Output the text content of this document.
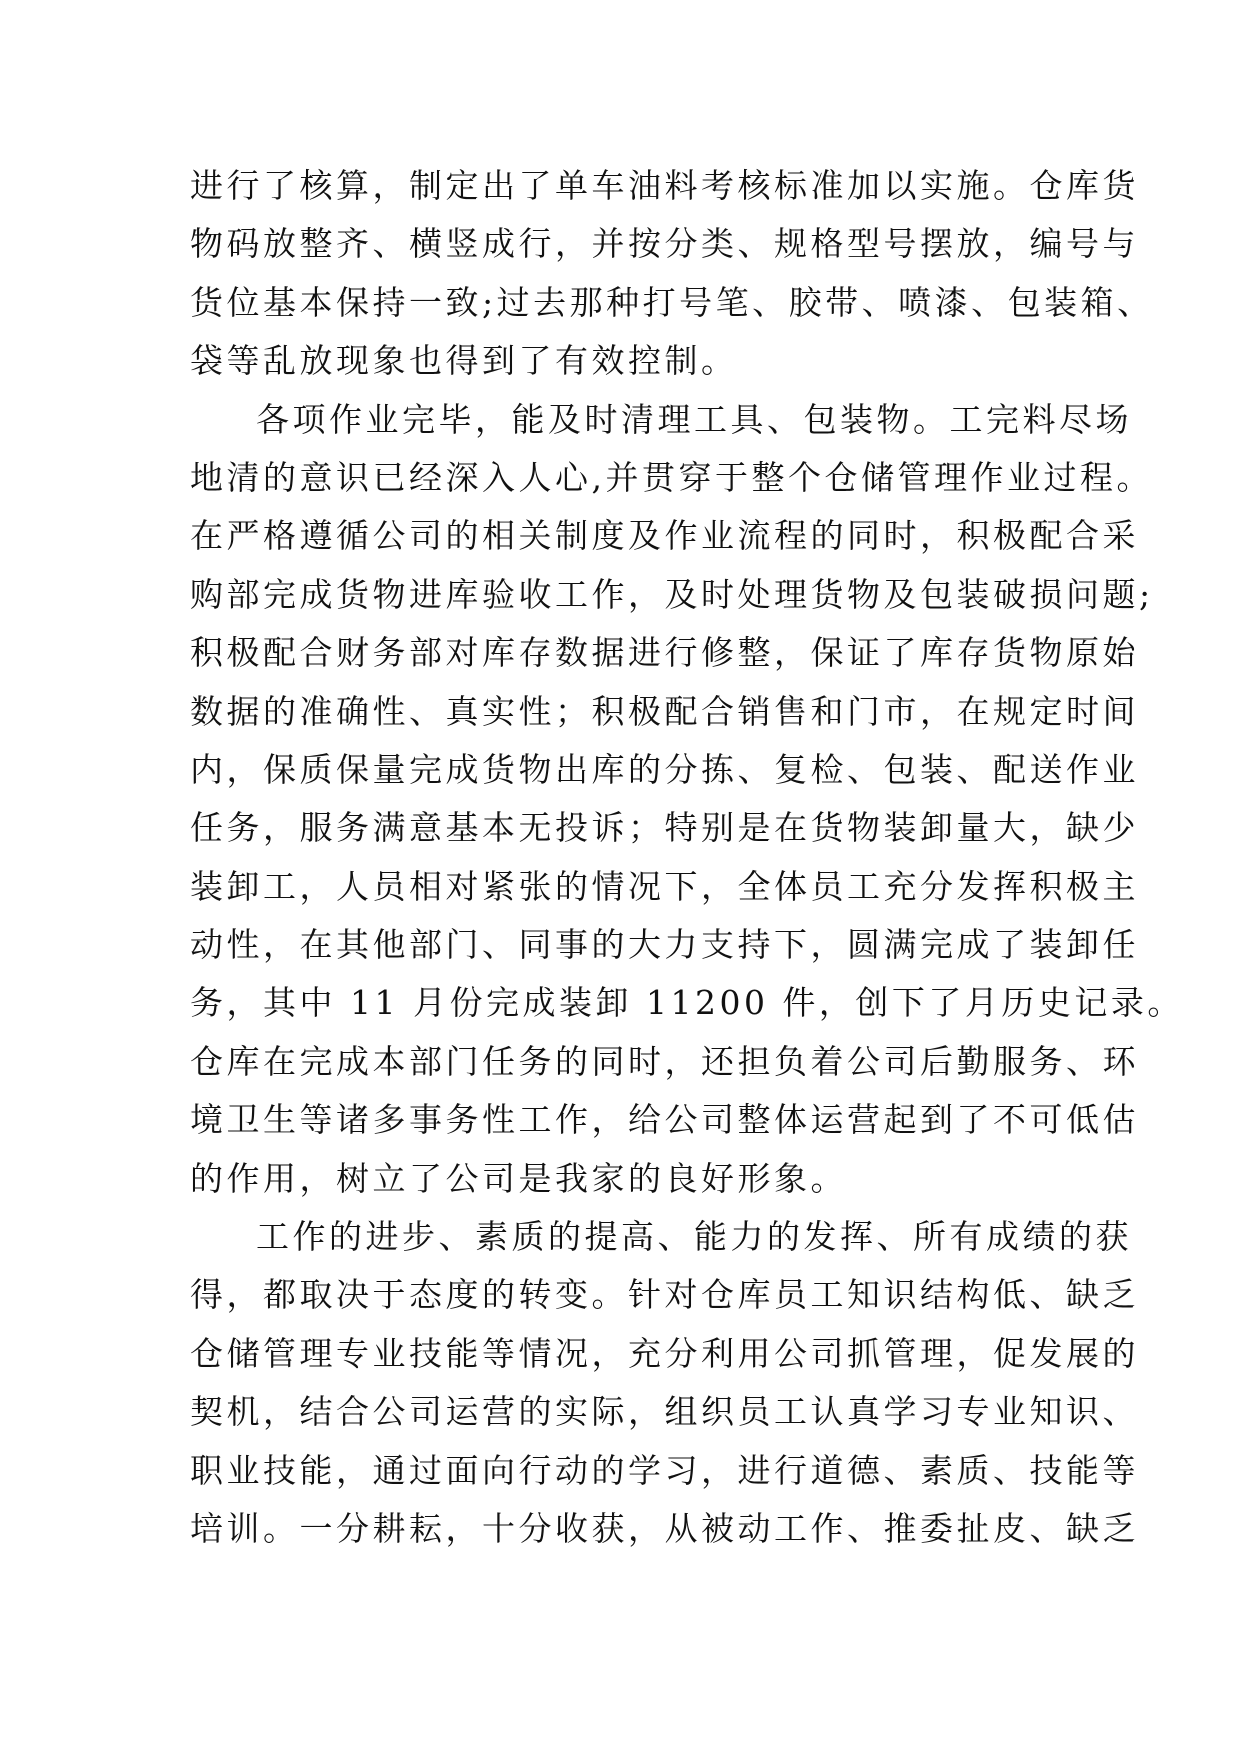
进行了核算，制定出了单车油料考核标准加以实施。仓库货
物码放整齐、横竖成行，并按分类、规格型号摆放，编号与
货位基本保持一致;过去那种打号笔、胶带、喷漆、包装箱、
袋等乱放现象也得到了有效控制。
各项作业完毕，能及时清理工具、包装物。工完料尽场
地清的意识已经深入人心,并贯穿于整个仓储管理作业过程。
在严格遵循公司的相关制度及作业流程的同时，积极配合采
购部完成货物进库验收工作，及时处理货物及包装破损问题;
积极配合财务部对库存数据进行修整，保证了库存货物原始
数据的准确性、真实性；积极配合销售和门市，在规定时间
内，保质保量完成货物出库的分拣、复检、包装、配送作业
任务，服务满意基本无投诉；特别是在货物装卸量大，缺少
装卸工，人员相对紧张的情况下，全体员工充分发挥积极主
动性，在其他部门、同事的大力支持下，圆满完成了装卸任
务，其中 11 月份完成装卸 11200 件，创下了月历史记录。
仓库在完成本部门任务的同时，还担负着公司后勤服务、环
境卫生等诸多事务性工作，给公司整体运营起到了不可低估
的作用，树立了公司是我家的良好形象。
工作的进步、素质的提高、能力的发挥、所有成绩的获
得，都取决于态度的转变。针对仓库员工知识结构低、缺乏
仓储管理专业技能等情况，充分利用公司抓管理，促发展的
契机，结合公司运营的实际，组织员工认真学习专业知识、
职业技能，通过面向行动的学习，进行道德、素质、技能等
培训。一分耕耘，十分收获，从被动工作、推委扯皮、缺乏
